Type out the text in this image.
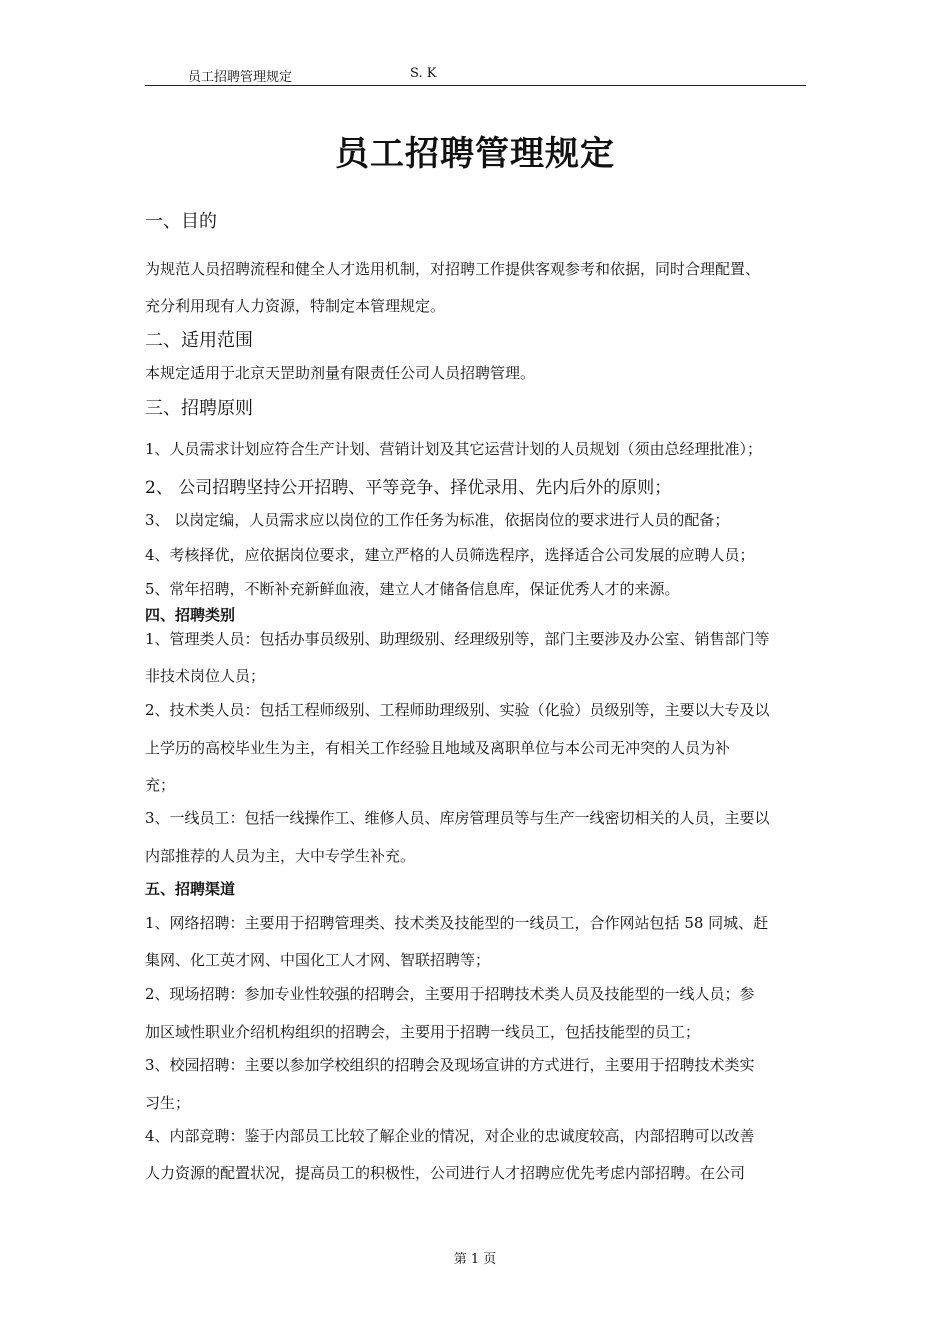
员工招聘管理规定	S. K
员工招聘管理规定
一、目的
为规范人员招聘流程和健全人才选用机制，对招聘工作提供客观参考和依据，同时合理配置、
充分利用现有人力资源，特制定本管理规定。
二、适用范围
本规定适用于北京天罡助剂量有限责任公司人员招聘管理。
三、招聘原则
1、人员需求计划应符合生产计划、营销计划及其它运营计划的人员规划（须由总经理批准）；
2、 公司招聘坚持公开招聘、平等竞争、择优录用、先内后外的原则；
3、 以岗定编，人员需求应以岗位的工作任务为标准，依据岗位的要求进行人员的配备；
4、考核择优，应依据岗位要求，建立严格的人员筛选程序，选择适合公司发展的应聘人员；
5、常年招聘，不断补充新鲜血液，建立人才储备信息库，保证优秀人才的来源。
四、招聘类别
1、管理类人员：包括办事员级别、助理级别、经理级别等，部门主要涉及办公室、销售部门等
非技术岗位人员；
2、技术类人员：包括工程师级别、工程师助理级别、实验（化验）员级别等，主要以大专及以
上学历的高校毕业生为主，有相关工作经验且地域及离职单位与本公司无冲突的人员为补
充；
3、一线员工：包括一线操作工、维修人员、库房管理员等与生产一线密切相关的人员，主要以
内部推荐的人员为主，大中专学生补充。
五、招聘渠道
1、网络招聘：主要用于招聘管理类、技术类及技能型的一线员工，合作网站包括 58 同城、赶
集网、化工英才网、中国化工人才网、智联招聘等；
2、现场招聘：参加专业性较强的招聘会，主要用于招聘技术类人员及技能型的一线人员；参
加区域性职业介绍机构组织的招聘会，主要用于招聘一线员工，包括技能型的员工；
3、校园招聘：主要以参加学校组织的招聘会及现场宣讲的方式进行，主要用于招聘技术类实
习生；
4、内部竞聘：鉴于内部员工比较了解企业的情况，对企业的忠诚度较高，内部招聘可以改善
人力资源的配置状况，提高员工的积极性，公司进行人才招聘应优先考虑内部招聘。在公司
第 1 页
